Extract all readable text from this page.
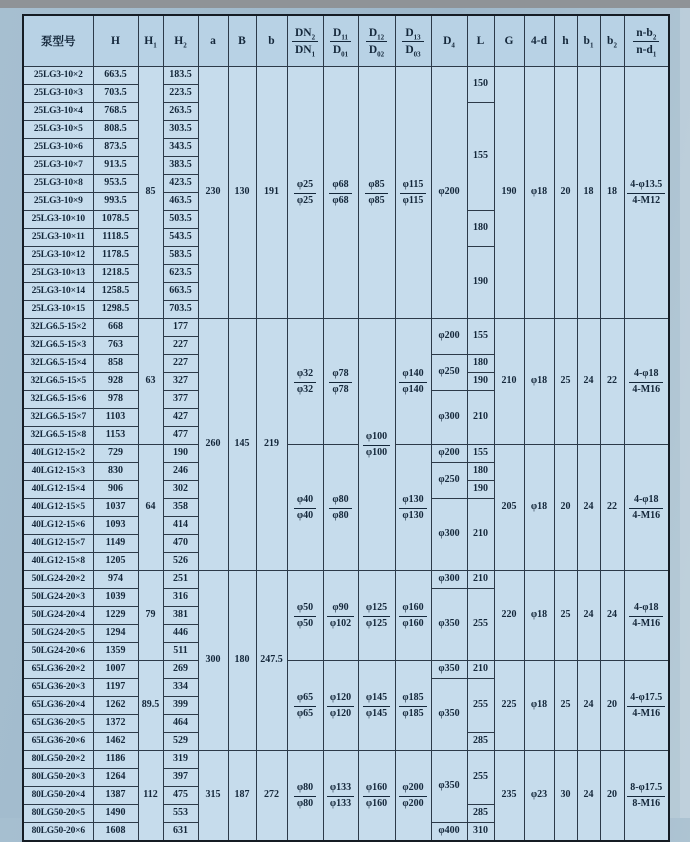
泵型号	H	$H_1$	$H_2$	a	B	b	$\frac{DN_2}{DN_1}$	$\frac{D_{11}}{D_{01}}$	$\frac{D_{12}}{D_{02}}$	$\frac{D_{13}}{D_{03}}$	$D_4$	L	G	4-d	h	$b_1$	$b_2$	$\frac{n-b_2}{n-d_1}$

25LG3-10×2	663.5	85	183.5	230	130	191	$\frac{\varphi 25}{\varphi 25}$	$\frac{\varphi 68}{\varphi 68}$	$\frac{\varphi 85}{\varphi 85}$	$\frac{\varphi 115}{\varphi 115}$	φ200	150	190	φ18	20	18	18	$\frac{4-\varphi 13.5}{4-M12}$

25LG3-10×3	703.5		223.5															
25LG3-10×4	768.5		263.5									155						
25LG3-10×5	808.5		303.5															
25LG3-10×6	873.5		343.5															
25LG3-10×7	913.5		383.5															
25LG3-10×8	953.5		423.5															
25LG3-10×9	993.5		463.5															
25LG3-10×10	1078.5		503.5									180						
25LG3-10×11	1118.5		543.5															
25LG3-10×12	1178.5		583.5									190						
25LG3-10×13	1218.5		623.5															
25LG3-10×14	1258.5		663.5															
25LG3-10×15	1298.5		703.5															
32LG6.5-15×2	668	63	177	260	145	219	$\frac{\varphi 32}{\varphi 32}$	$\frac{\varphi 78}{\varphi 78}$	$\frac{\varphi 100}{\varphi 100}$	$\frac{\varphi 140}{\varphi 140}$	φ200	155	210	φ18	25	24	22	$\frac{4-\varphi 18}{4-M16}$

32LG6.5-15×3	763		227															
32LG6.5-15×4	858		227								φ250	180						
32LG6.5-15×5	928		327									190						
32LG6.5-15×6	978		377								φ300	210						
32LG6.5-15×7	1103		427															
32LG6.5-15×8	1153		477															
40LG12-15×2	729	64	190				$\frac{\varphi 40}{\varphi 40}$	$\frac{\varphi 80}{\varphi 80}$		$\frac{\varphi 130}{\varphi 130}$	φ200	155	205	φ18	20	24	22	$\frac{4-\varphi 18}{4-M16}$

40LG12-15×3	830		246								φ250	180						
40LG12-15×4	906		302									190						
40LG12-15×5	1037		358								φ300	210						
40LG12-15×6	1093		414															
40LG12-15×7	1149		470															
40LG12-15×8	1205		526															
50LG24-20×2	974	79	251	300	180	247.5	$\frac{\varphi 50}{\varphi 50}$	$\frac{\varphi 90}{\varphi 102}$	$\frac{\varphi 125}{\varphi 125}$	$\frac{\varphi 160}{\varphi 160}$	φ300	210	220	φ18	25	24	24	$\frac{4-\varphi 18}{4-M16}$

50LG24-20×3	1039		316								φ350	255						
50LG24-20×4	1229		381															
50LG24-20×5	1294		446															
50LG24-20×6	1359		511															
65LG36-20×2	1007	89.5	269				$\frac{\varphi 65}{\varphi 65}$	$\frac{\varphi 120}{\varphi 120}$	$\frac{\varphi 145}{\varphi 145}$	$\frac{\varphi 185}{\varphi 185}$	φ350	210	225	φ18	25	24	20	$\frac{4-\varphi 17.5}{4-M16}$

65LG36-20×3	1197		334								φ350	255						
65LG36-20×4	1262		399															
65LG36-20×5	1372		464															
65LG36-20×6	1462		529									285						
80LG50-20×2	1186	112	319	315	187	272	$\frac{\varphi 80}{\varphi 80}$	$\frac{\varphi 133}{\varphi 133}$	$\frac{\varphi 160}{\varphi 160}$	$\frac{\varphi 200}{\varphi 200}$	φ350	255	235	φ23	30	24	20	$\frac{8-\varphi 17.5}{8-M16}$

80LG50-20×3	1264		397															
80LG50-20×4	1387		475															
80LG50-20×5	1490		553									285						
80LG50-20×6	1608		631								φ400	310						
